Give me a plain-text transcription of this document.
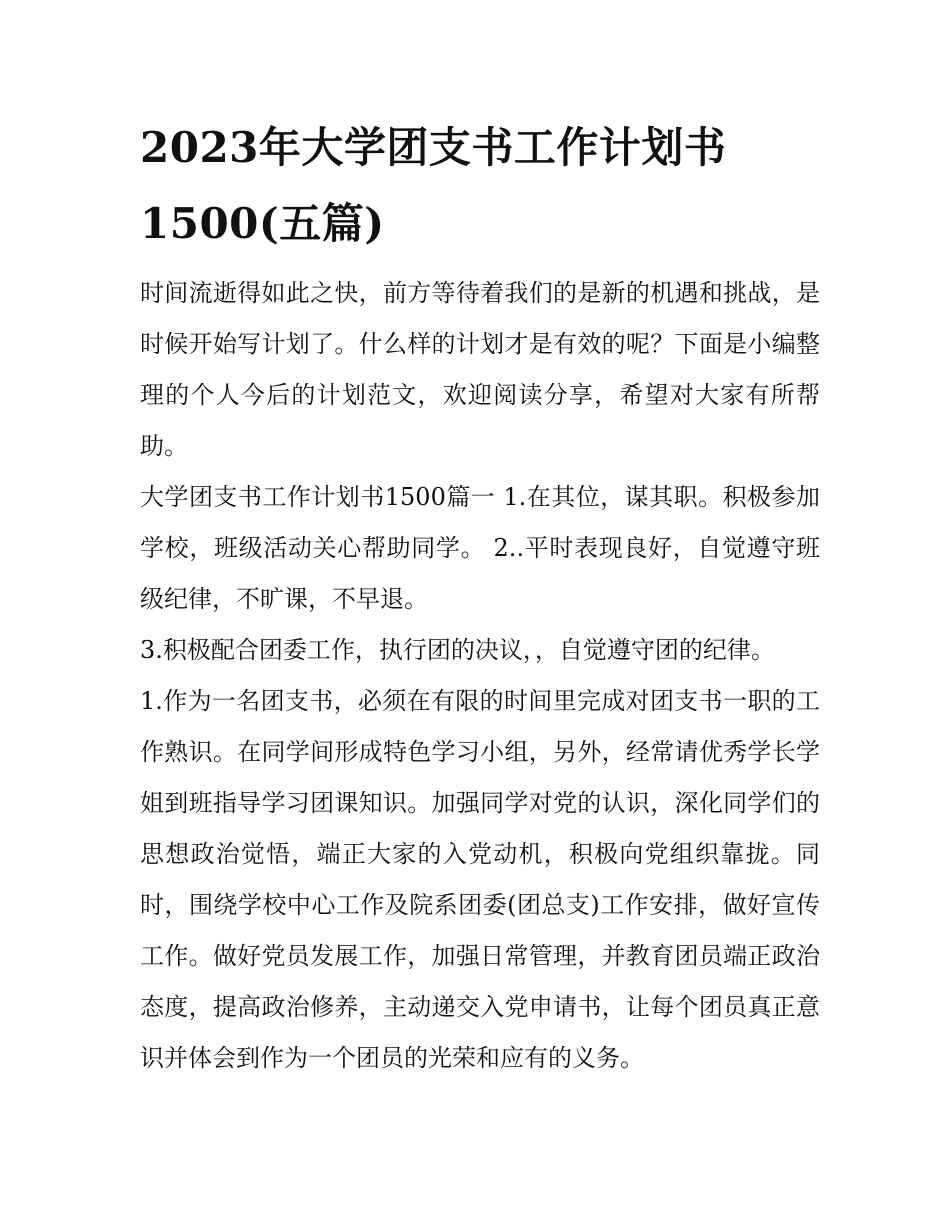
2023年大学团支书工作计划书1500(五篇)

时间流逝得如此之快，前方等待着我们的是新的机遇和挑战，是时候开始写计划了。什么样的计划才是有效的呢？下面是小编整理的个人今后的计划范文，欢迎阅读分享，希望对大家有所帮助。

大学团支书工作计划书1500篇一 1.在其位，谋其职。积极参加学校，班级活动关心帮助同学。 2..平时表现良好，自觉遵守班级纪律，不旷课，不早退。

3.积极配合团委工作，执行团的决议，，自觉遵守团的纪律。

1.作为一名团支书，必须在有限的时间里完成对团支书一职的工作熟识。在同学间形成特色学习小组，另外，经常请优秀学长学姐到班指导学习团课知识。加强同学对党的认识，深化同学们的思想政治觉悟，端正大家的入党动机，积极向党组织靠拢。同时，围绕学校中心工作及院系团委(团总支)工作安排，做好宣传工作。做好党员发展工作，加强日常管理，并教育团员端正政治态度，提高政治修养，主动递交入党申请书，让每个团员真正意识并体会到作为一个团员的光荣和应有的义务。
